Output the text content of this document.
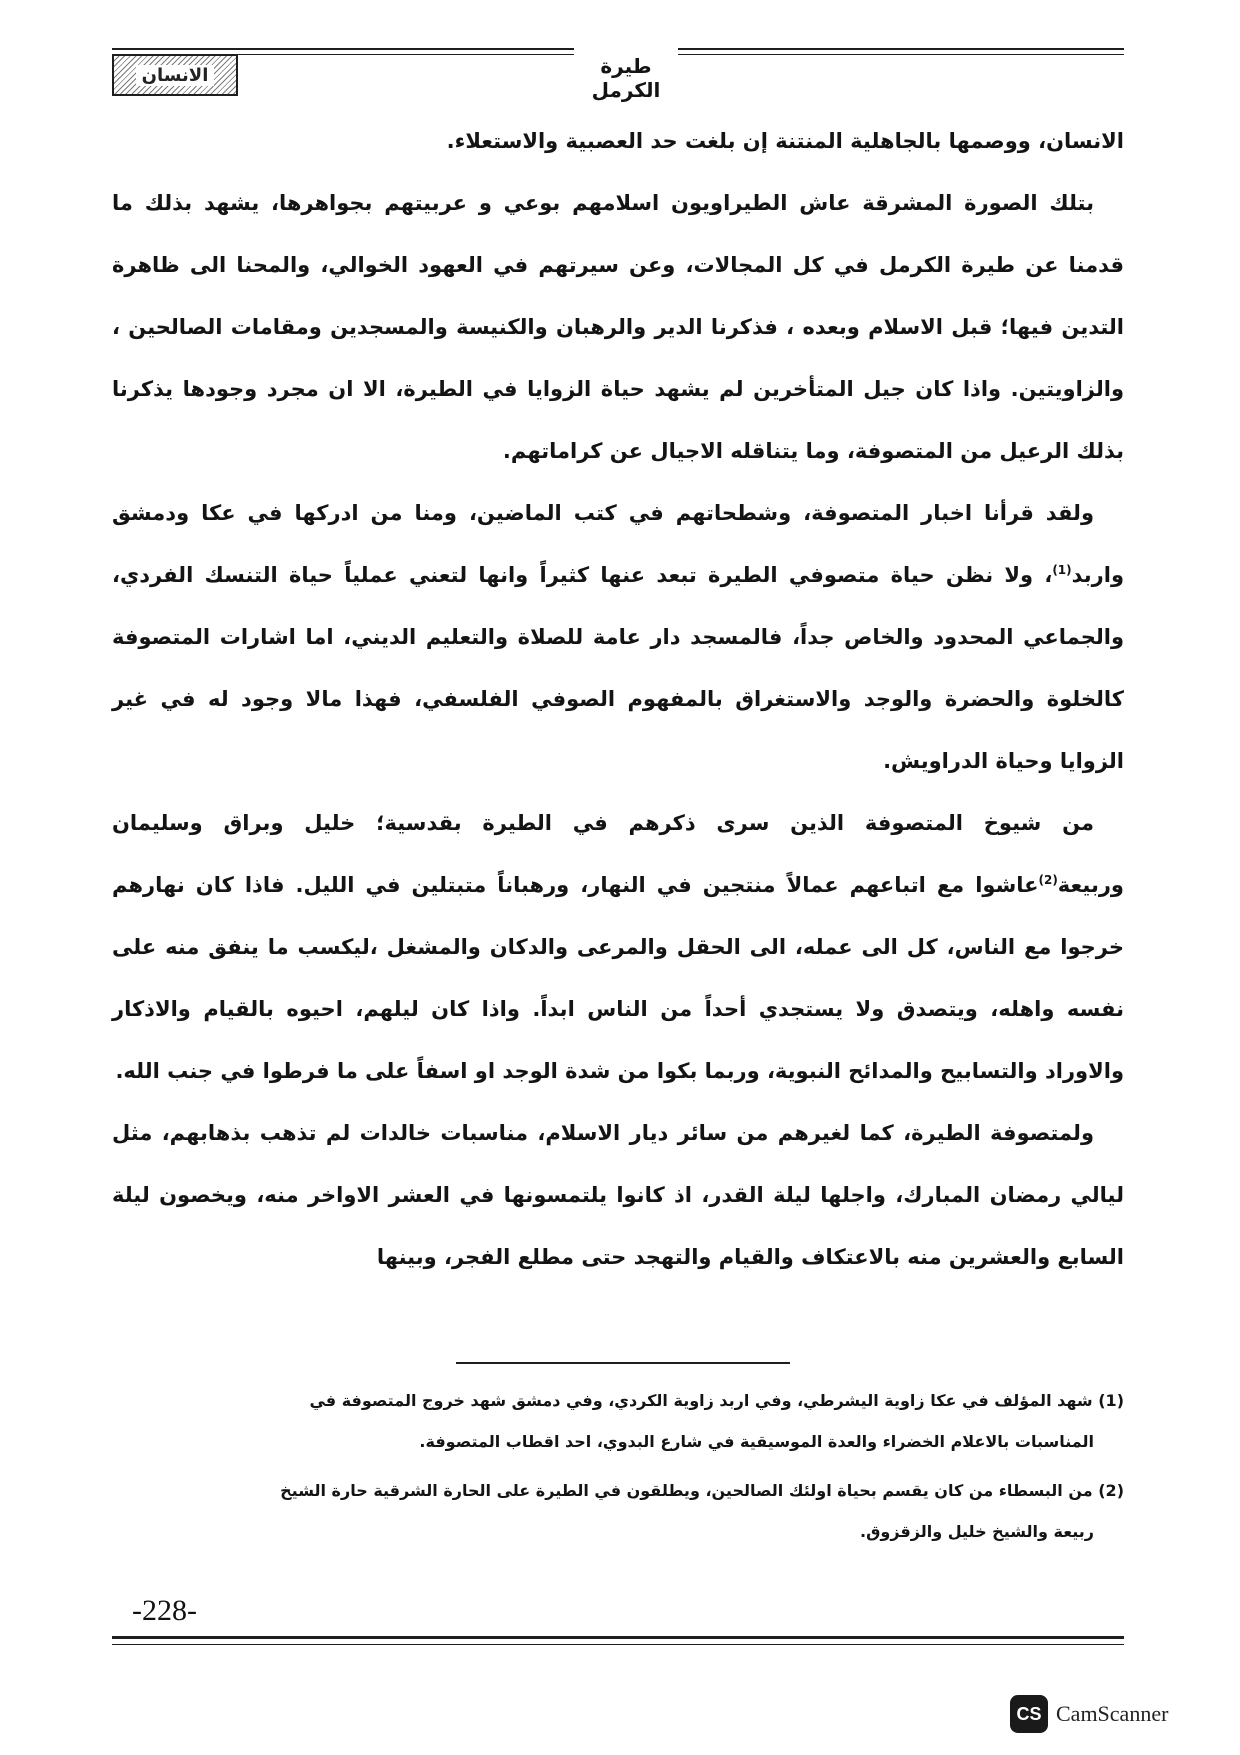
طيرة الكرمل
الانسان

الانسان، ووصمها بالجاهلية المنتنة إن بلغت حد العصبية والاستعلاء.

بتلك الصورة المشرقة عاش الطيراويون اسلامهم بوعي و عربيتهم بجواهرها، يشهد بذلك ما قدمنا عن طيرة الكرمل في كل المجالات، وعن سيرتهم في العهود الخوالي، والمحنا الى ظاهرة التدين فيها؛ قبل الاسلام وبعده ، فذكرنا الدير والرهبان والكنيسة والمسجدين ومقامات الصالحين ، والزاويتين. واذا كان جيل المتأخرين لم يشهد حياة الزوايا في الطيرة، الا ان مجرد وجودها يذكرنا بذلك الرعيل من المتصوفة، وما يتناقله الاجيال عن كراماتهم.

ولقد قرأنا اخبار المتصوفة، وشطحاتهم في كتب الماضين، ومنا من ادركها في عكا ودمشق واربد$^{(1)}$، ولا نظن حياة متصوفي الطيرة تبعد عنها كثيراً وانها لتعني عملياً حياة التنسك الفردي، والجماعي المحدود والخاص جداً، فالمسجد دار عامة للصلاة والتعليم الديني، اما اشارات المتصوفة كالخلوة والحضرة والوجد والاستغراق بالمفهوم الصوفي الفلسفي، فهذا مالا وجود له في غير الزوايا وحياة الدراويش.

من شيوخ المتصوفة الذين سرى ذكرهم في الطيرة بقدسية؛ خليل وبراق وسليمان وربيعة$^{(2)}$عاشوا مع اتباعهم عمالاً منتجين في النهار، ورهباناً متبتلين في الليل. فاذا كان نهارهم خرجوا مع الناس، كل الى عمله، الى الحقل والمرعى والدكان والمشغل ،ليكسب ما ينفق منه على نفسه واهله، ويتصدق ولا يستجدي أحداً من الناس ابداً. واذا كان ليلهم، احيوه بالقيام والاذكار والاوراد والتسابيح والمدائح النبوية، وربما بكوا من شدة الوجد او اسفاً على ما فرطوا في جنب الله.

ولمتصوفة الطيرة، كما لغيرهم من سائر ديار الاسلام، مناسبات خالدات لم تذهب بذهابهم، مثل ليالي رمضان المبارك، واجلها ليلة القدر، اذ كانوا يلتمسونها في العشر الاواخر منه، ويخصون ليلة السابع والعشرين منه بالاعتكاف والقيام والتهجد حتى مطلع الفجر، وبينها

(1) شهد المؤلف في عكا زاوية اليشرطي، وفي اربد زاوية الكردي، وفي دمشق شهد خروج المتصوفة في
المناسبات بالاعلام الخضراء والعدة الموسيقية في شارع البدوي، احد اقطاب المتصوفة.
(2) من البسطاء من كان يقسم بحياة اولئك الصالحين، ويطلقون في الطيرة على الحارة الشرقية حارة الشيخ
ربيعة والشيخ خليل والزقزوق.
-228-
CS CamScanner
